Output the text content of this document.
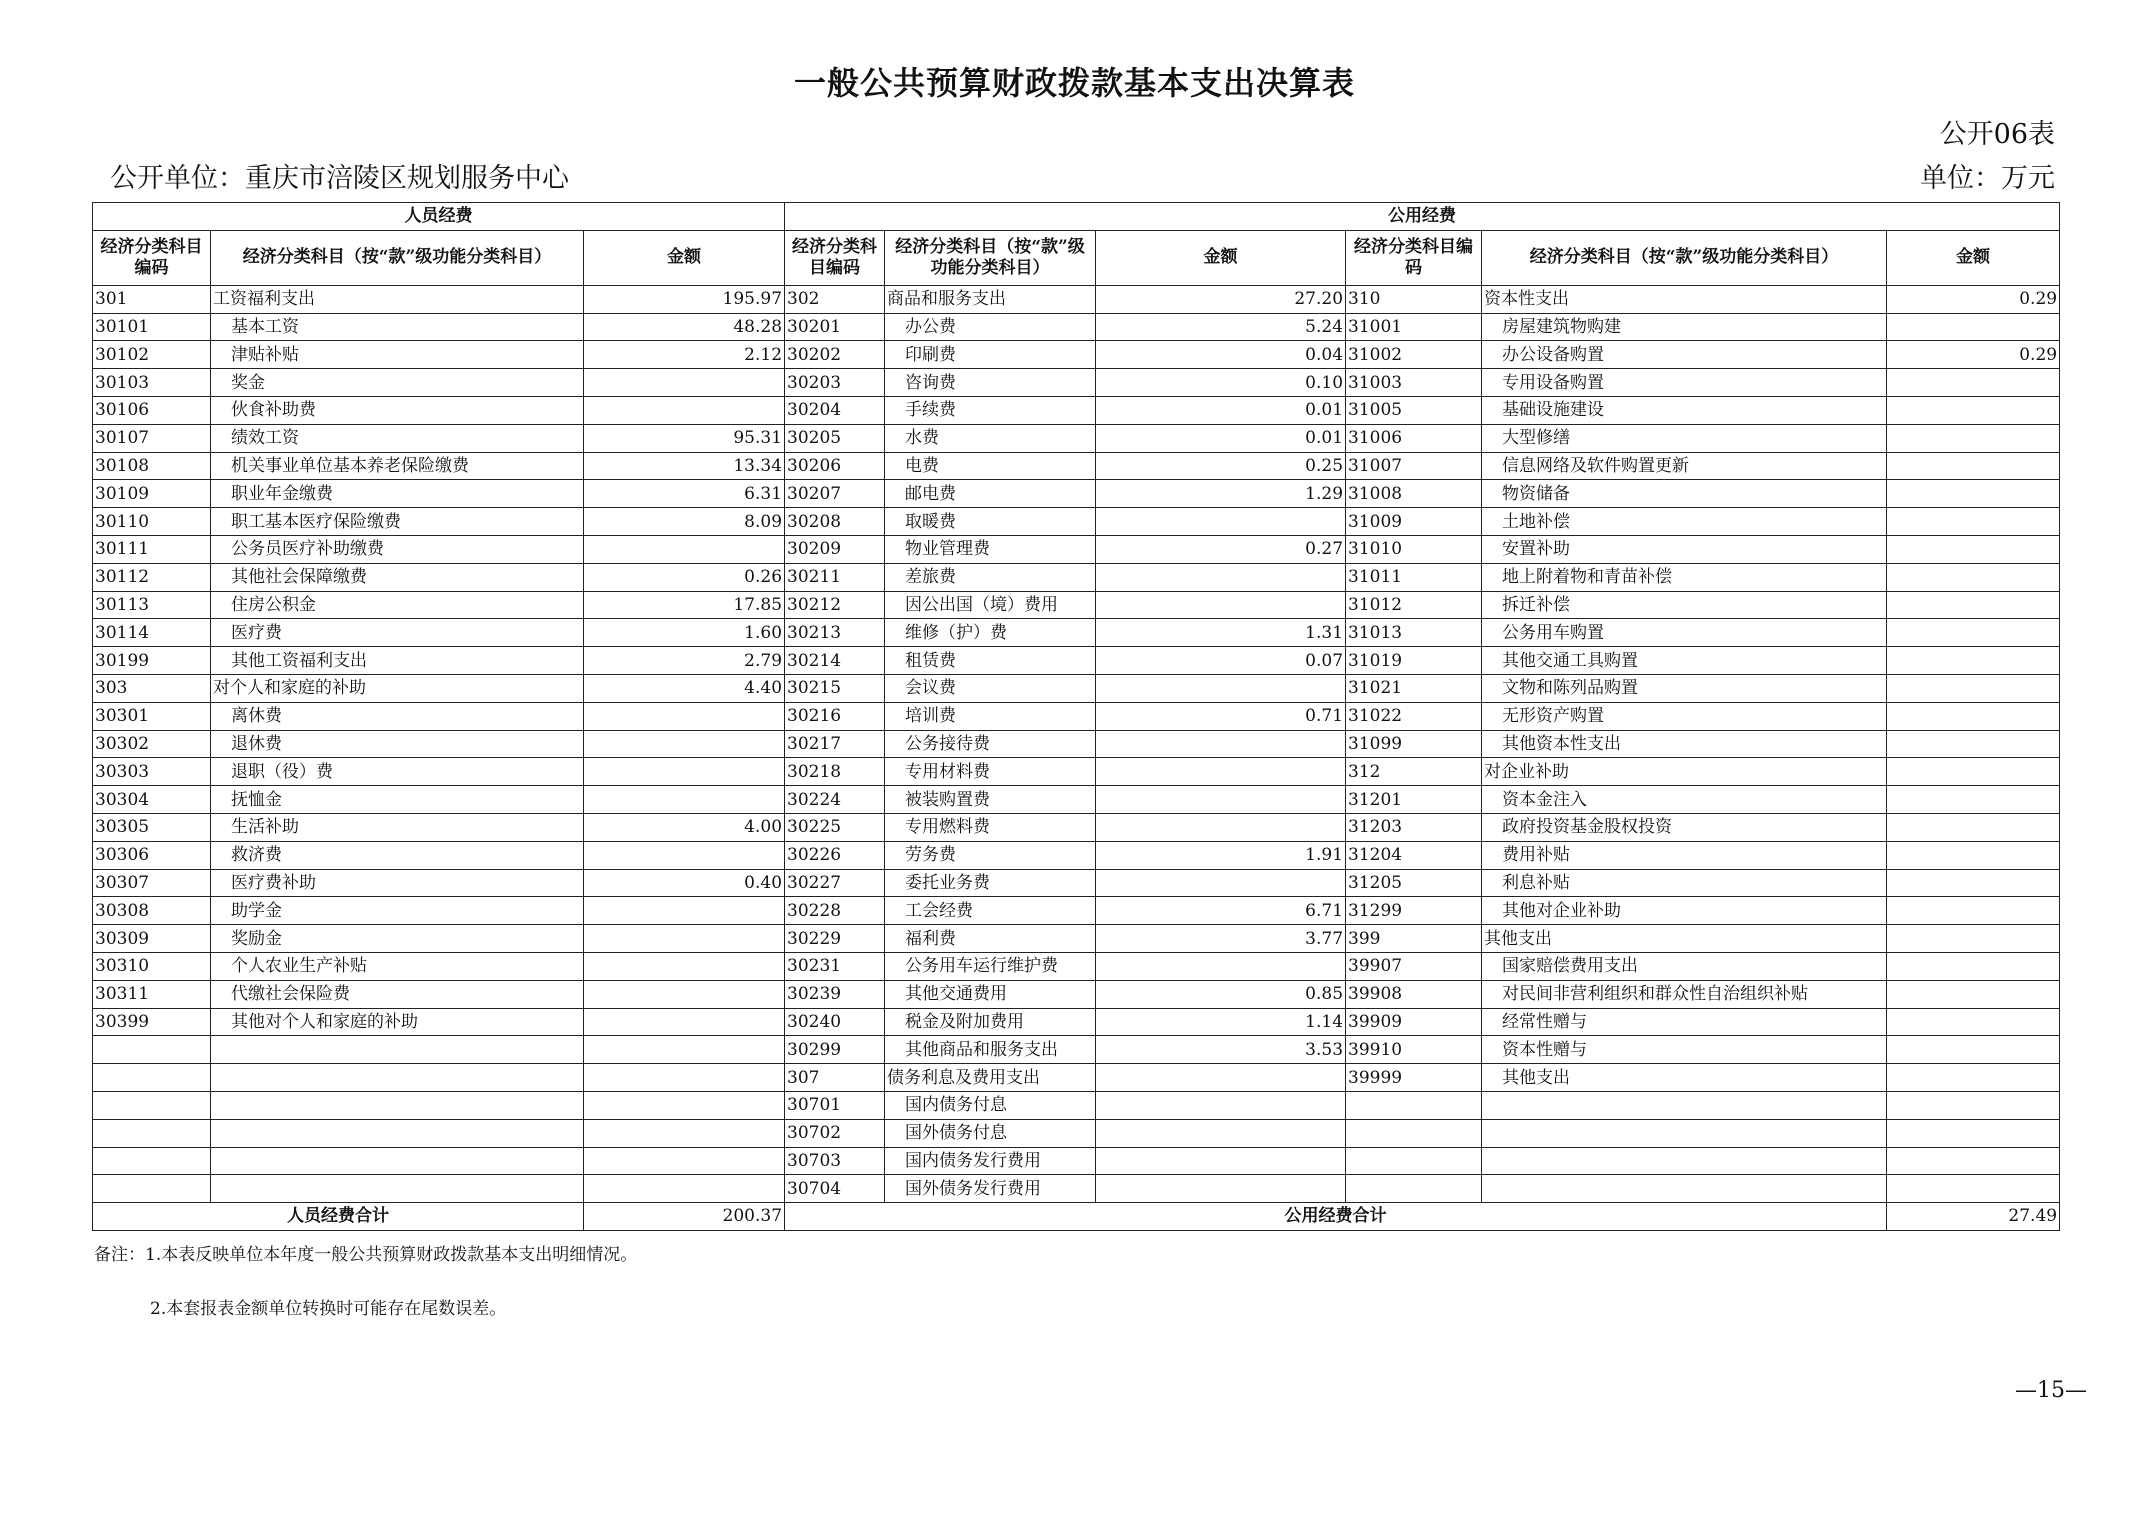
一般公共预算财政拨款基本支出决算表
公开06表
公开单位：重庆市涪陵区规划服务中心	单位：万元
人员经费			公用经费					
经济分类科目编码	经济分类科目（按“款”级功能分类科目）	金额	经济分类科目编码	经济分类科目（按“款”级功能分类科目）	金额	经济分类科目编码	经济分类科目（按“款”级功能分类科目）	金额
301	工资福利支出	195.97	302	商品和服务支出	27.20	310	资本性支出	0.29
30101	基本工资	48.28	30201	办公费	5.24	31001	房屋建筑物购建	
30102	津贴补贴	2.12	30202	印刷费	0.04	31002	办公设备购置	0.29
30103	奖金		30203	咨询费	0.10	31003	专用设备购置	
30106	伙食补助费		30204	手续费	0.01	31005	基础设施建设	
30107	绩效工资	95.31	30205	水费	0.01	31006	大型修缮	
30108	机关事业单位基本养老保险缴费	13.34	30206	电费	0.25	31007	信息网络及软件购置更新	
30109	职业年金缴费	6.31	30207	邮电费	1.29	31008	物资储备	
30110	职工基本医疗保险缴费	8.09	30208	取暖费		31009	土地补偿	
30111	公务员医疗补助缴费		30209	物业管理费	0.27	31010	安置补助	
30112	其他社会保障缴费	0.26	30211	差旅费		31011	地上附着物和青苗补偿	
30113	住房公积金	17.85	30212	因公出国（境）费用		31012	拆迁补偿	
30114	医疗费	1.60	30213	维修（护）费	1.31	31013	公务用车购置	
30199	其他工资福利支出	2.79	30214	租赁费	0.07	31019	其他交通工具购置	
303	对个人和家庭的补助	4.40	30215	会议费		31021	文物和陈列品购置	
30301	离休费		30216	培训费	0.71	31022	无形资产购置	
30302	退休费		30217	公务接待费		31099	其他资本性支出	
30303	退职（役）费		30218	专用材料费		312	对企业补助	
30304	抚恤金		30224	被装购置费		31201	资本金注入	
30305	生活补助	4.00	30225	专用燃料费		31203	政府投资基金股权投资	
30306	救济费		30226	劳务费	1.91	31204	费用补贴	
30307	医疗费补助	0.40	30227	委托业务费		31205	利息补贴	
30308	助学金		30228	工会经费	6.71	31299	其他对企业补助	
30309	奖励金		30229	福利费	3.77	399	其他支出	
30310	个人农业生产补贴		30231	公务用车运行维护费		39907	国家赔偿费用支出	
30311	代缴社会保险费		30239	其他交通费用	0.85	39908	对民间非营利组织和群众性自治组织补贴	
30399	其他对个人和家庭的补助		30240	税金及附加费用	1.14	39909	经常性赠与	
			30299	其他商品和服务支出	3.53	39910	资本性赠与	
			307	债务利息及费用支出		39999	其他支出	
			30701	国内债务付息				
			30702	国外债务付息				
			30703	国内债务发行费用				
			30704	国外债务发行费用				
人员经费合计		200.37	公用经费合计					27.49
备注：1.本表反映单位本年度一般公共预算财政拨款基本支出明细情况。
2.本套报表金额单位转换时可能存在尾数误差。
—15—
